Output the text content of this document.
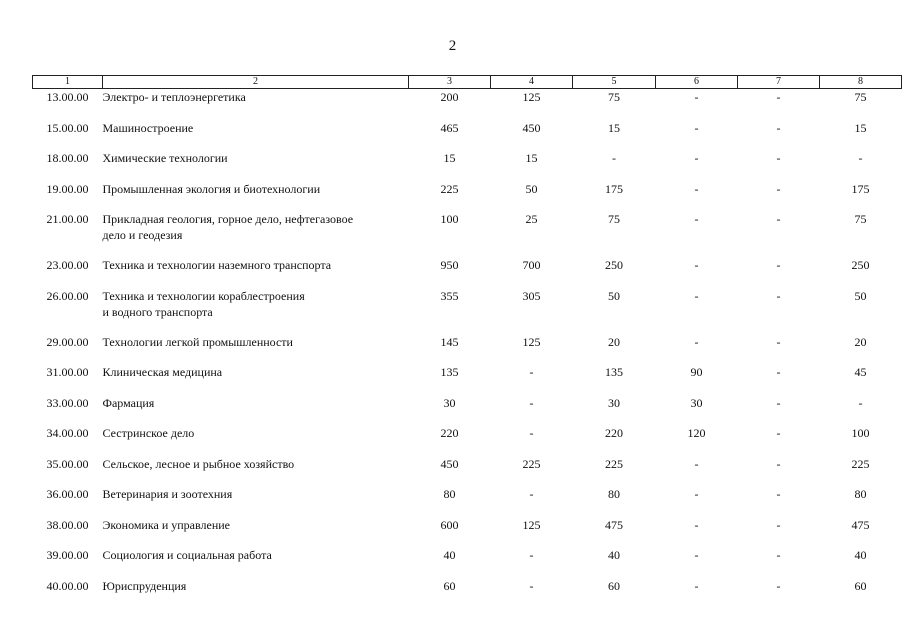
2
1	2	3	4	5	6	7	8
13.00.00	Электро- и теплоэнергетика	200	125	75	-	-	75
15.00.00	Машиностроение	465	450	15	-	-	15
18.00.00	Химические технологии	15	15	-	-	-	-
19.00.00	Промышленная экология и биотехнологии	225	50	175	-	-	175
21.00.00	Прикладная геология, горное дело, нефтегазовое
дело и геодезия	100	25	75	-	-	75
23.00.00	Техника и технологии наземного транспорта	950	700	250	-	-	250
26.00.00	Техника и технологии кораблестроения
и водного транспорта	355	305	50	-	-	50
29.00.00	Технологии легкой промышленности	145	125	20	-	-	20
31.00.00	Клиническая медицина	135	-	135	90	-	45
33.00.00	Фармация	30	-	30	30	-	-
34.00.00	Сестринское дело	220	-	220	120	-	100
35.00.00	Сельское, лесное и рыбное хозяйство	450	225	225	-	-	225
36.00.00	Ветеринария и зоотехния	80	-	80	-	-	80
38.00.00	Экономика и управление	600	125	475	-	-	475
39.00.00	Социология и социальная работа	40	-	40	-	-	40
40.00.00	Юриспруденция	60	-	60	-	-	60
